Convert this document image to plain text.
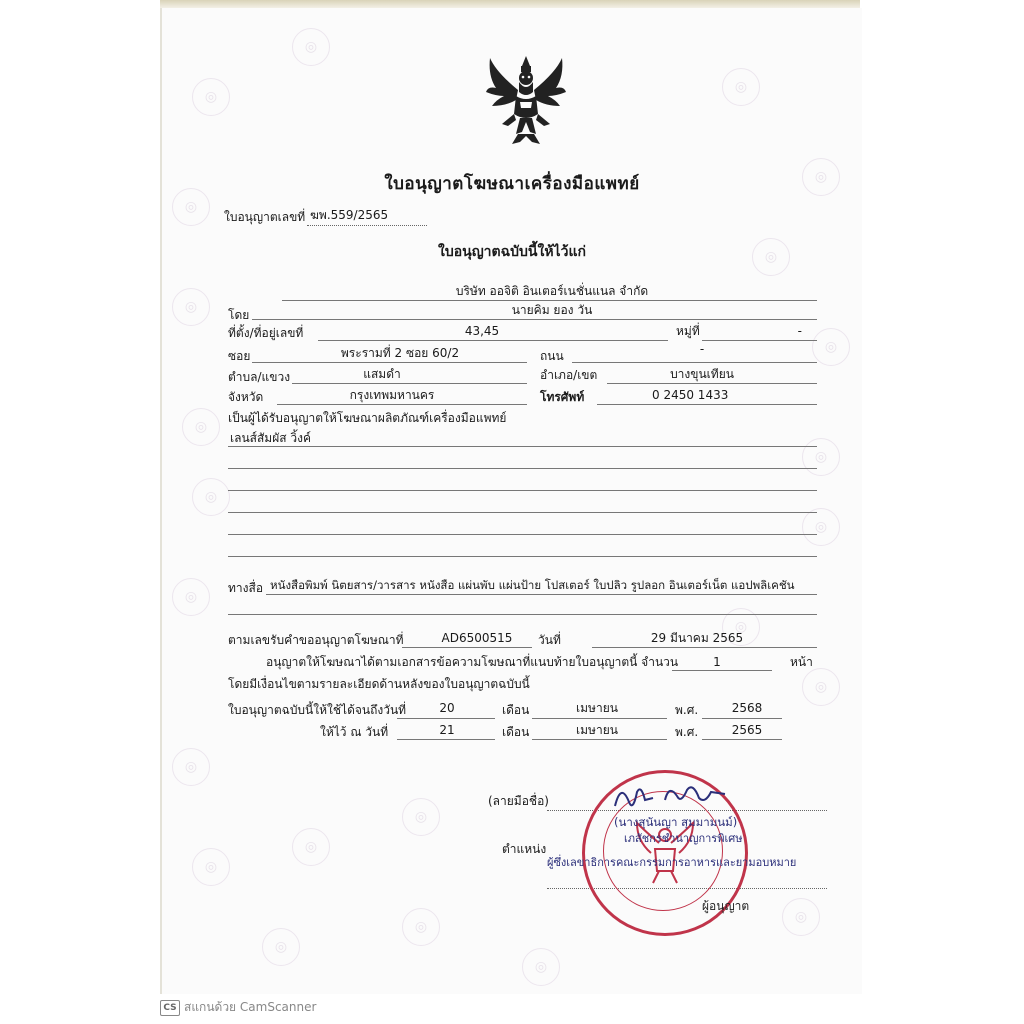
◎
◎
◎
◎
◎
◎
◎
◎
◎
◎
◎
◎
◎
◎
◎
◎
◎
◎
◎
◎
◎
◎
◎
ใบอนุญาตโฆษณาเครื่องมือแพทย์
ใบอนุญาตเลขที่ ฆพ.559/2565
ใบอนุญาตฉบับนี้ให้ไว้แก่
บริษัท ออจิติ อินเตอร์เนชั่นแนล จำกัด
โดย	นายคิม ยอง วัน
ที่ตั้ง/ที่อยู่เลขที่	43,45	หมู่ที่	-
ซอย	พระรามที่ 2 ซอย 60/2	ถนน	-
ตำบล/แขวง	แสมดำ	อำเภอ/เขต	บางขุนเทียน
จังหวัด	กรุงเทพมหานคร	โทรศัพท์	0 2450 1433
เป็นผู้ได้รับอนุญาตให้โฆษณาผลิตภัณฑ์เครื่องมือแพทย์
เลนส์สัมผัส วิ้งค์
ทางสื่อ หนังสือพิมพ์ นิตยสาร/วารสาร หนังสือ แผ่นพับ แผ่นป้าย โปสเตอร์ ใบปลิว รูปลอก อินเตอร์เน็ต แอปพลิเคชัน
ตามเลขรับคำขออนุญาตโฆษณาที่	AD6500515	วันที่	29 มีนาคม 2565
อนุญาตให้โฆษณาได้ตามเอกสารข้อความโฆษณาที่แนบท้ายใบอนุญาตนี้ จำนวน	1	หน้า
โดยมีเงื่อนไขตามรายละเอียดด้านหลังของใบอนุญาตฉบับนี้
ใบอนุญาตฉบับนี้ให้ใช้ได้จนถึงวันที่	20	เดือน	เมษายน	พ.ศ.	2568
ให้ไว้ ณ วันที่	21	เดือน	เมษายน	พ.ศ.	2565
(ลายมือชื่อ)
ตำแหน่ง
(นางสุนันญา สุมมามนม์)
เภสัชกรชำนาญการพิเศษ
ผู้ซึ่งเลขาธิการคณะกรรมการอาหารและยามอบหมาย
ผู้อนุญาต
CS สแกนด้วย CamScanner
